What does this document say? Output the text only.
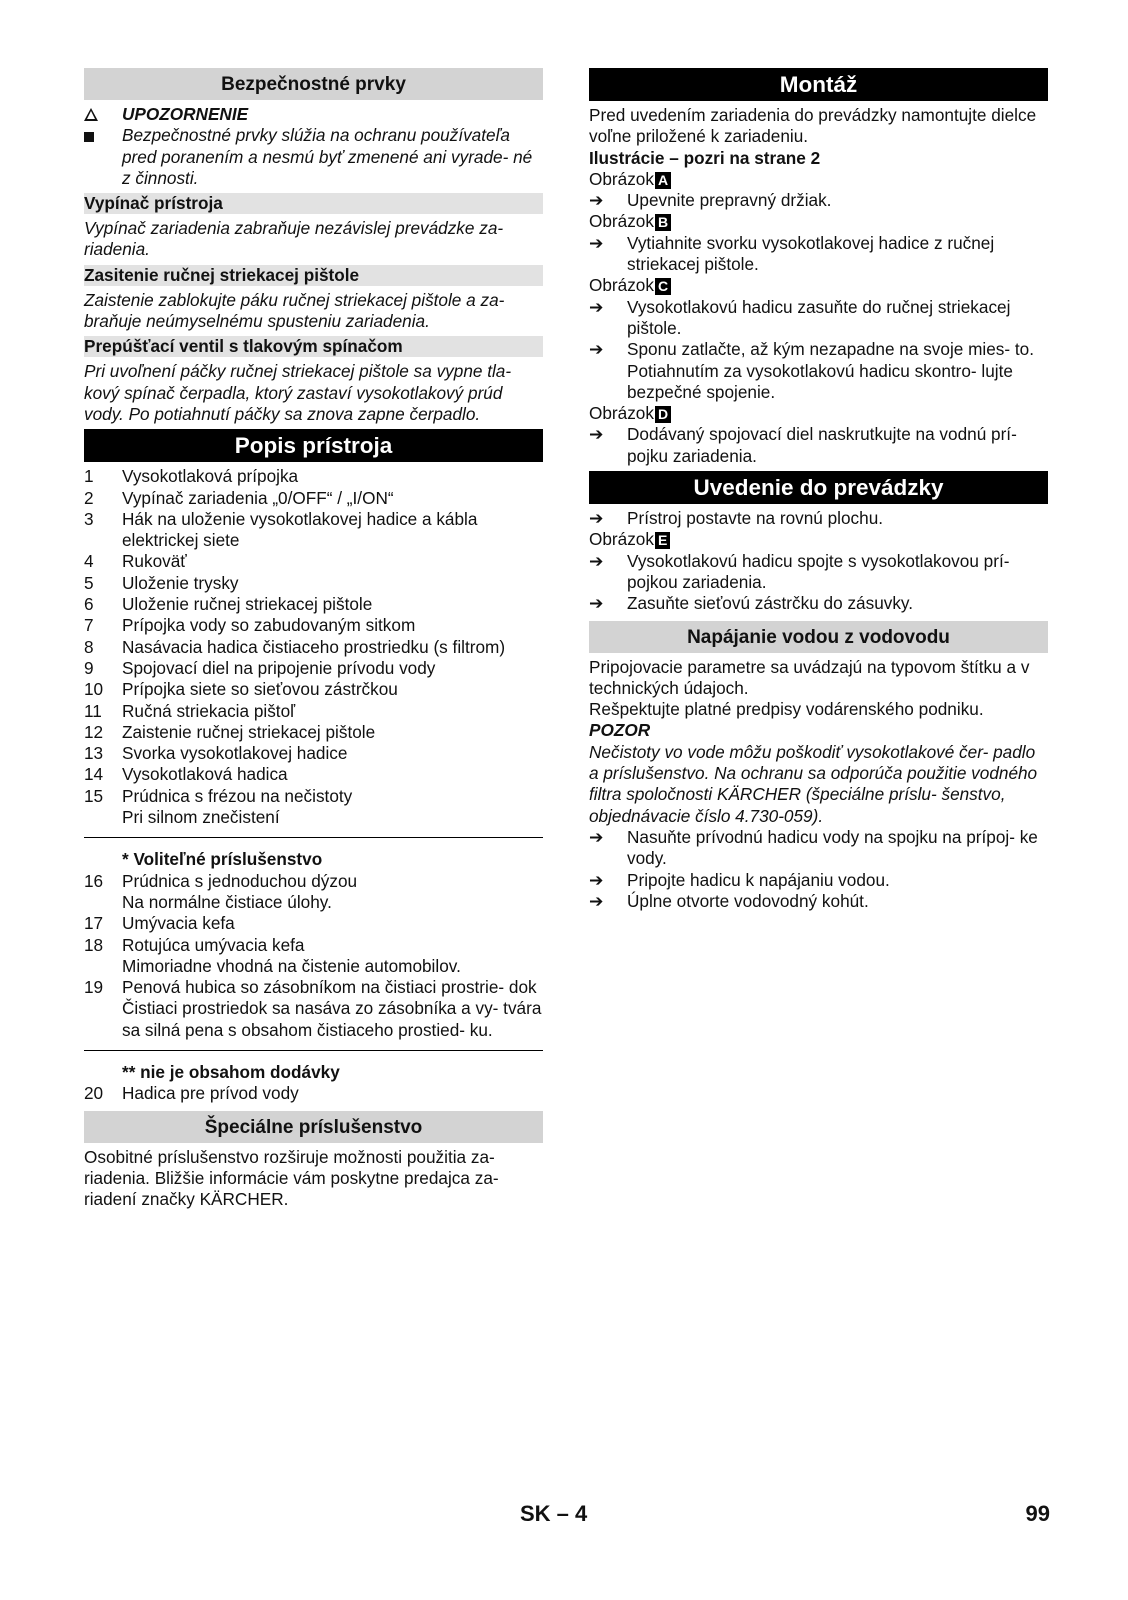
Bezpečnostné prvky
UPOZORNENIE
Bezpečnostné prvky slúžia na ochranu používateľa pred poranením a nesmú byť zmenené ani vyrade- né z činnosti.
Vypínač prístroja
Vypínač zariadenia zabraňuje nezávislej prevádzke za- riadenia.
Zasitenie ručnej striekacej pištole
Zaistenie zablokujte páku ručnej striekacej pištole a za- braňuje neúmyselnému spusteniu zariadenia.
Prepúšťací ventil s tlakovým spínačom
Pri uvoľnení páčky ručnej striekacej pištole sa vypne tla- kový spínač čerpadla, ktorý zastaví vysokotlakový prúd vody. Po potiahnutí páčky sa znova zapne čerpadlo.
Popis prístroja
1	Vysokotlaková prípojka
2	Vypínač zariadenia „0/OFF“ / „I/ON“
3	Hák na uloženie vysokotlakovej hadice a kábla elektrickej siete
4	Rukoväť
5	Uloženie trysky
6	Uloženie ručnej striekacej pištole
7	Prípojka vody so zabudovaným sitkom
8	Nasávacia hadica čistiaceho prostriedku (s filtrom)
9	Spojovací diel na pripojenie prívodu vody
10	Prípojka siete so sieťovou zástrčkou
11	Ručná striekacia pištoľ
12	Zaistenie ručnej striekacej pištole
13	Svorka vysokotlakovej hadice
14	Vysokotlaková hadica
15	Prúdnica s frézou na nečistoty
Pri silnom znečistení
* Voliteľné príslušenstvo
16	Prúdnica s jednoduchou dýzou
Na normálne čistiace úlohy.
17	Umývacia kefa
18	Rotujúca umývacia kefa
Mimoriadne vhodná na čistenie automobilov.
19	Penová hubica so zásobníkom na čistiaci prostrie- dok
Čistiaci prostriedok sa nasáva zo zásobníka a vy- tvára sa silná pena s obsahom čistiaceho prostied- ku.
** nie je obsahom dodávky
20	Hadica pre prívod vody
Špeciálne príslušenstvo
Osobitné príslušenstvo rozširuje možnosti použitia za- riadenia. Bližšie informácie vám poskytne predajca za- riadení značky KÄRCHER.
Montáž
Pred uvedením zariadenia do prevádzky namontujte dielce voľne priložené k zariadeniu.
Ilustrácie – pozri na strane 2
Obrázok A
➔	Upevnite prepravný držiak.
Obrázok B
➔	Vytiahnite svorku vysokotlakovej hadice z ručnej striekacej pištole.
Obrázok C
➔	Vysokotlakovú hadicu zasuňte do ručnej striekacej pištole.
➔	Sponu zatlačte, až kým nezapadne na svoje mies- to. Potiahnutím za vysokotlakovú hadicu skontro- lujte bezpečné spojenie.
Obrázok D
➔	Dodávaný spojovací diel naskrutkujte na vodnú prí- pojku zariadenia.
Uvedenie do prevádzky
➔	Prístroj postavte na rovnú plochu.
Obrázok E
➔	Vysokotlakovú hadicu spojte s vysokotlakovou prí- pojkou zariadenia.
➔	Zasuňte sieťovú zástrčku do zásuvky.
Napájanie vodou z vodovodu
Pripojovacie parametre sa uvádzajú na typovom štítku a v technických údajoch.
Rešpektujte platné predpisy vodárenského podniku.
POZOR
Nečistoty vo vode môžu poškodiť vysokotlakové čer- padlo a príslušenstvo. Na ochranu sa odporúča použitie vodného filtra spoločnosti KÄRCHER (špeciálne príslu- šenstvo, objednávacie číslo 4.730-059).
➔	Nasuňte prívodnú hadicu vody na spojku na prípoj- ke vody.
➔	Pripojte hadicu k napájaniu vodou.
➔	Úplne otvorte vodovodný kohút.
SK – 4	99
